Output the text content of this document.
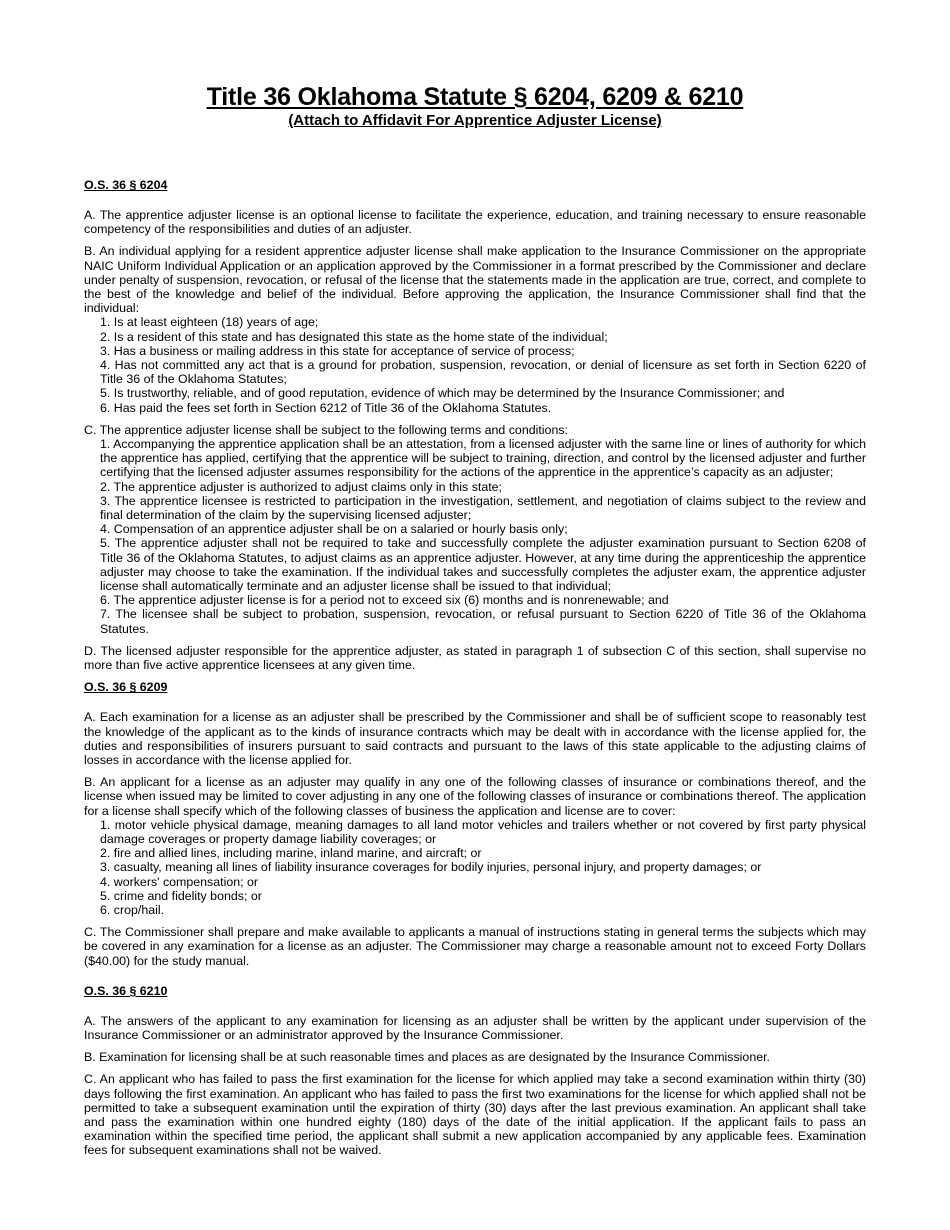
Title 36 Oklahoma Statute § 6204, 6209 & 6210
(Attach to Affidavit For Apprentice Adjuster License)

O.S. 36 § 6204

A. The apprentice adjuster license is an optional license to facilitate the experience, education, and training necessary to ensure reasonable competency of the responsibilities and duties of an adjuster.

B. An individual applying for a resident apprentice adjuster license shall make application to the Insurance Commissioner on the appropriate NAIC Uniform Individual Application or an application approved by the Commissioner in a format prescribed by the Commissioner and declare under penalty of suspension, revocation, or refusal of the license that the statements made in the application are true, correct, and complete to the best of the knowledge and belief of the individual. Before approving the application, the Insurance Commissioner shall find that the individual:

1. Is at least eighteen (18) years of age;
2. Is a resident of this state and has designated this state as the home state of the individual;
3. Has a business or mailing address in this state for acceptance of service of process;
4. Has not committed any act that is a ground for probation, suspension, revocation, or denial of licensure as set forth in Section 6220 of Title 36 of the Oklahoma Statutes;
5. Is trustworthy, reliable, and of good reputation, evidence of which may be determined by the Insurance Commissioner; and
6. Has paid the fees set forth in Section 6212 of Title 36 of the Oklahoma Statutes.

C. The apprentice adjuster license shall be subject to the following terms and conditions:

1. Accompanying the apprentice application shall be an attestation, from a licensed adjuster with the same line or lines of authority for which the apprentice has applied, certifying that the apprentice will be subject to training, direction, and control by the licensed adjuster and further certifying that the licensed adjuster assumes responsibility for the actions of the apprentice in the apprentice’s capacity as an adjuster;
2. The apprentice adjuster is authorized to adjust claims only in this state;
3. The apprentice licensee is restricted to participation in the investigation, settlement, and negotiation of claims subject to the review and final determination of the claim by the supervising licensed adjuster;
4. Compensation of an apprentice adjuster shall be on a salaried or hourly basis only;
5. The apprentice adjuster shall not be required to take and successfully complete the adjuster examination pursuant to Section 6208 of Title 36 of the Oklahoma Statutes, to adjust claims as an apprentice adjuster. However, at any time during the apprenticeship the apprentice adjuster may choose to take the examination. If the individual takes and successfully completes the adjuster exam, the apprentice adjuster license shall automatically terminate and an adjuster license shall be issued to that individual;
6. The apprentice adjuster license is for a period not to exceed six (6) months and is nonrenewable; and
7. The licensee shall be subject to probation, suspension, revocation, or refusal pursuant to Section 6220 of Title 36 of the Oklahoma Statutes.

D. The licensed adjuster responsible for the apprentice adjuster, as stated in paragraph 1 of subsection C of this section, shall supervise no more than five active apprentice licensees at any given time.

O.S. 36 § 6209

A. Each examination for a license as an adjuster shall be prescribed by the Commissioner and shall be of sufficient scope to reasonably test the knowledge of the applicant as to the kinds of insurance contracts which may be dealt with in accordance with the license applied for, the duties and responsibilities of insurers pursuant to said contracts and pursuant to the laws of this state applicable to the adjusting claims of losses in accordance with the license applied for.

B. An applicant for a license as an adjuster may qualify in any one of the following classes of insurance or combinations thereof, and the license when issued may be limited to cover adjusting in any one of the following classes of insurance or combinations thereof. The application for a license shall specify which of the following classes of business the application and license are to cover:

1. motor vehicle physical damage, meaning damages to all land motor vehicles and trailers whether or not covered by first party physical damage coverages or property damage liability coverages; or
2. fire and allied lines, including marine, inland marine, and aircraft; or
3. casualty, meaning all lines of liability insurance coverages for bodily injuries, personal injury, and property damages; or
4. workers' compensation; or
5. crime and fidelity bonds; or
6. crop/hail.

C. The Commissioner shall prepare and make available to applicants a manual of instructions stating in general terms the subjects which may be covered in any examination for a license as an adjuster. The Commissioner may charge a reasonable amount not to exceed Forty Dollars ($40.00) for the study manual.

O.S. 36 § 6210

A. The answers of the applicant to any examination for licensing as an adjuster shall be written by the applicant under supervision of the Insurance Commissioner or an administrator approved by the Insurance Commissioner.

B. Examination for licensing shall be at such reasonable times and places as are designated by the Insurance Commissioner.

C. An applicant who has failed to pass the first examination for the license for which applied may take a second examination within thirty (30) days following the first examination. An applicant who has failed to pass the first two examinations for the license for which applied shall not be permitted to take a subsequent examination until the expiration of thirty (30) days after the last previous examination. An applicant shall take and pass the examination within one hundred eighty (180) days of the date of the initial application. If the applicant fails to pass an examination within the specified time period, the applicant shall submit a new application accompanied by any applicable fees. Examination fees for subsequent examinations shall not be waived.
